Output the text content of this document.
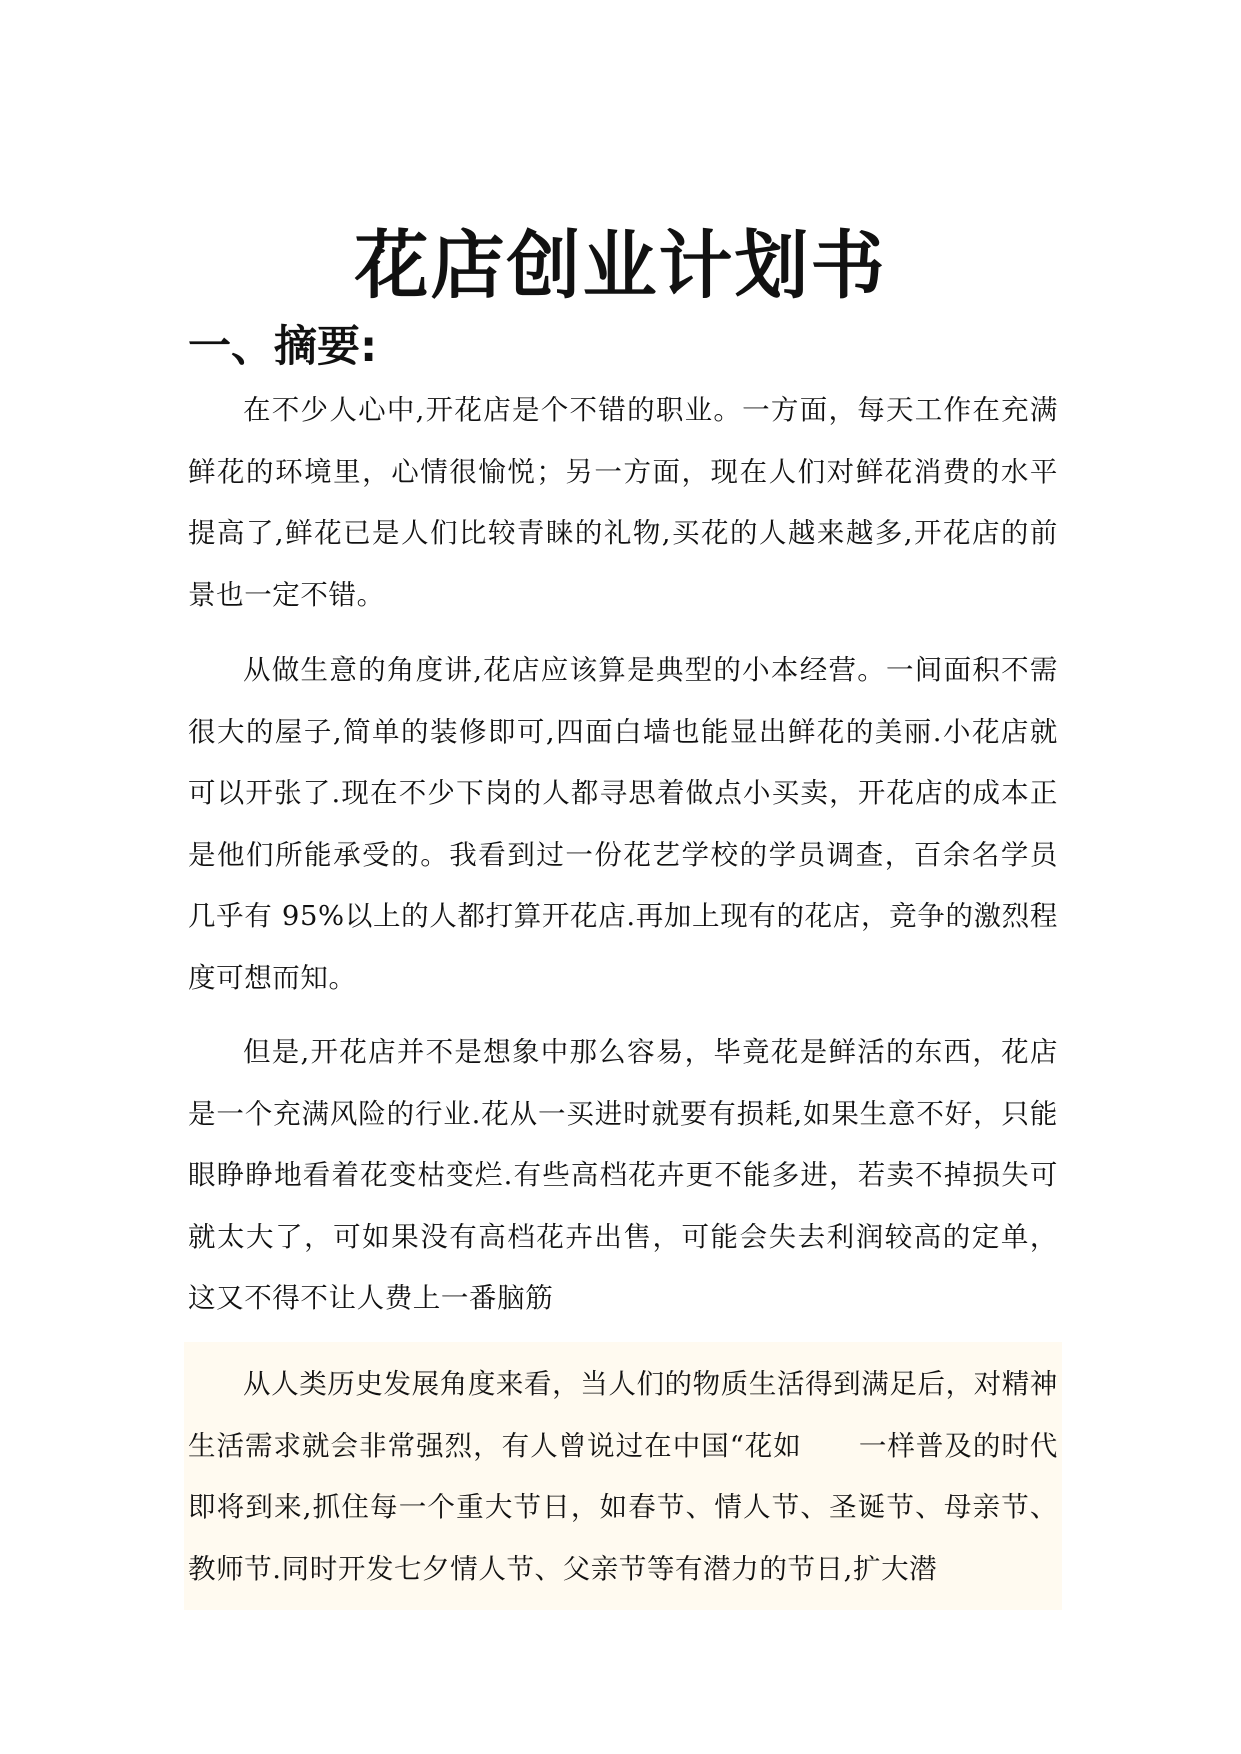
花店创业计划书
一、摘要:

在不少人心中,开花店是个不错的职业。一方面，每天工作在充满鲜花的环境里，心情很愉悦；另一方面，现在人们对鲜花消费的水平提高了,鲜花已是人们比较青睐的礼物,买花的人越来越多,开花店的前景也一定不错。

从做生意的角度讲,花店应该算是典型的小本经营。一间面积不需很大的屋子,简单的装修即可,四面白墙也能显出鲜花的美丽.小花店就可以开张了.现在不少下岗的人都寻思着做点小买卖，开花店的成本正是他们所能承受的。我看到过一份花艺学校的学员调查，百余名学员几乎有 95%以上的人都打算开花店.再加上现有的花店，竞争的激烈程度可想而知。

但是,开花店并不是想象中那么容易，毕竟花是鲜活的东西，花店是一个充满风险的行业.花从一买进时就要有损耗,如果生意不好，只能眼睁睁地看着花变枯变烂.有些高档花卉更不能多进，若卖不掉损失可就太大了，可如果没有高档花卉出售，可能会失去利润较高的定单，这又不得不让人费上一番脑筋

从人类历史发展角度来看，当人们的物质生活得到满足后，对精神生活需求就会非常强烈，有人曾说过在中国“花如　　一样普及的时代即将到来,抓住每一个重大节日，如春节、情人节、圣诞节、母亲节、教师节.同时开发七夕情人节、父亲节等有潜力的节日,扩大潜
